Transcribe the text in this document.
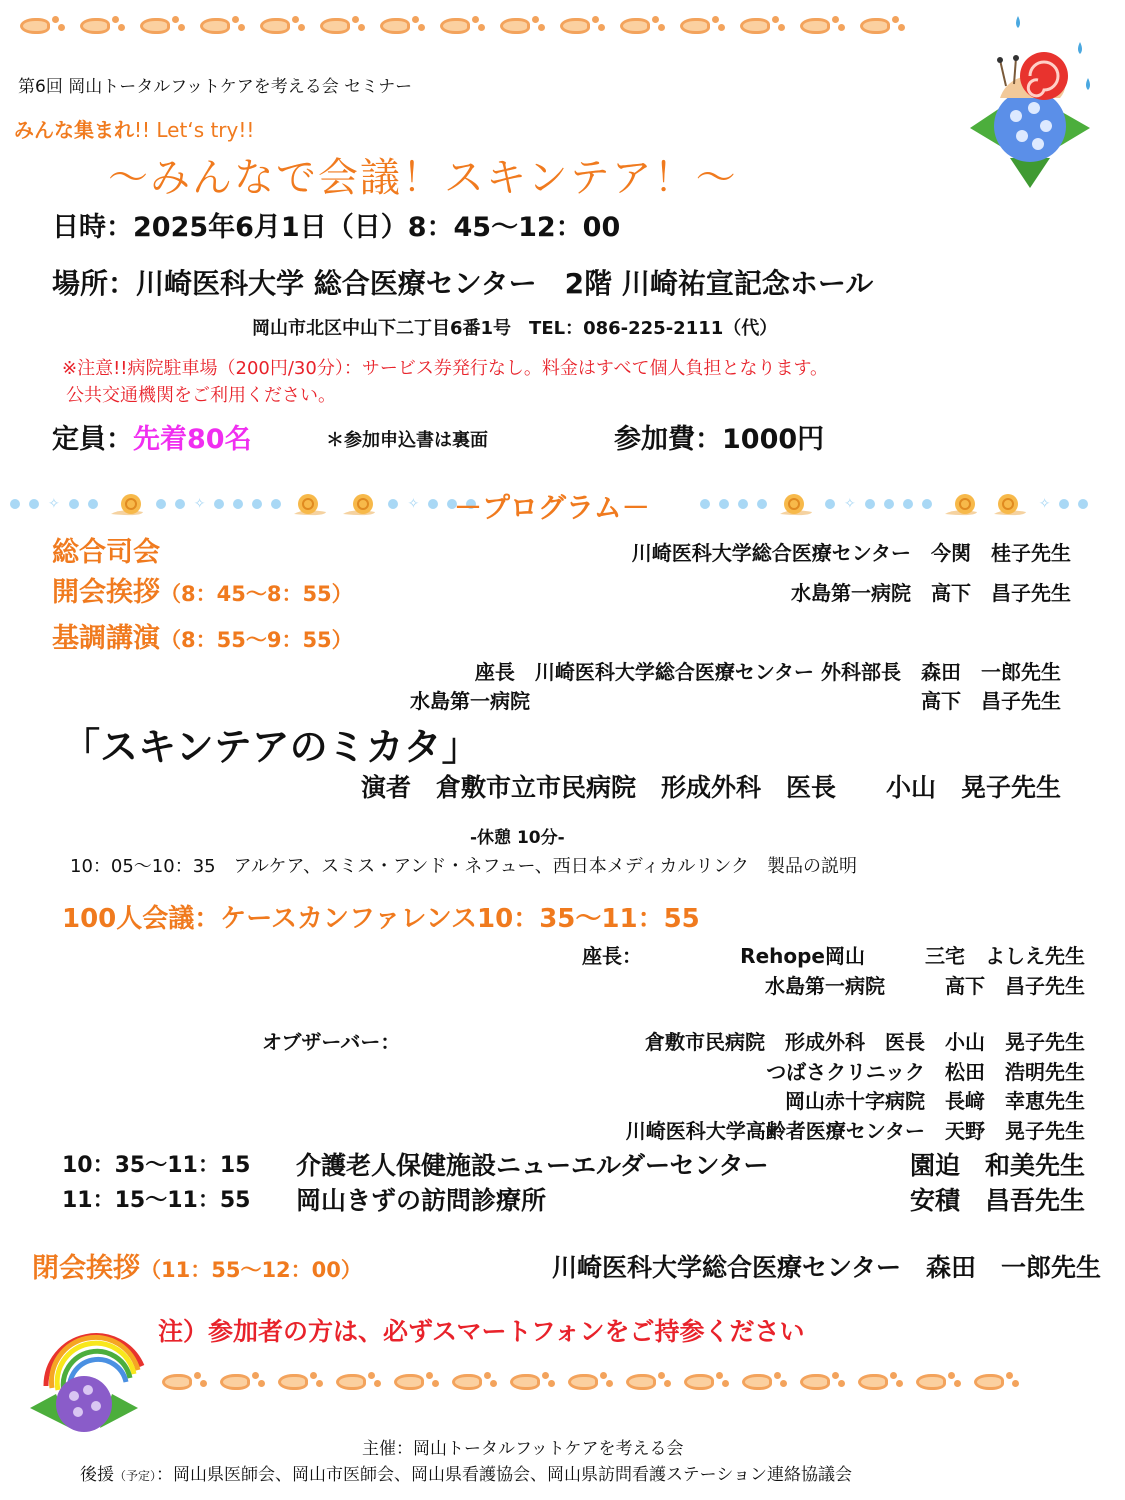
第6回 岡山トータルフットケアを考える会 セミナー
みんな集まれ!! Let‘s try!!
～みんなで会議！スキンテア！～
日時：2025年6月1日（日）8：45～12：00
場所：川崎医科大学 総合医療センター　2階 川崎祐宣記念ホール
岡山市北区中山下二丁目6番1号　TEL：086-225-2111（代）
※注意!!病院駐車場（200円/30分）：サービス券発行なし。料金はすべて個人負担となります。
公共交通機関をご利用ください。
定員：先着80名	＊参加申込書は裏面	参加費：1000円
✧	✧	✧ －プログラム－	✧	✧
総合司会	川崎医科大学総合医療センター　今関　桂子先生
開会挨拶（8：45～8：55）	水島第一病院　高下　昌子先生
基調講演（8：55～9：55）
座長　川崎医科大学総合医療センター 外科部長　森田　一郎先生
水島第一病院	高下　昌子先生
「スキンテアのミカタ」
演者　倉敷市立市民病院　形成外科　医長　　小山　晃子先生
-休憩 10分-
10：05～10：35　アルケア、スミス・アンド・ネフュー、西日本メディカルリンク　製品の説明
100人会議：ケースカンファレンス10：35～11：55
座長：	Rehope岡山　　　三宅　よしえ先生
水島第一病院　　　高下　昌子先生
オブザーバー：	倉敷市民病院　形成外科　医長　小山　晃子先生
つばさクリニック　松田　浩明先生
岡山赤十字病院　長﨑　幸恵先生
川崎医科大学高齢者医療センター　天野　晃子先生
10：35～11：15 介護老人保健施設ニューエルダーセンター	園迫　和美先生
11：15～11：55 岡山きずの訪問診療所	安積　昌吾先生
閉会挨拶（11：55～12：00）	川崎医科大学総合医療センター　森田　一郎先生
注）参加者の方は、必ずスマートフォンをご持参ください
主催：岡山トータルフットケアを考える会
後援（予定）：岡山県医師会、岡山市医師会、岡山県看護協会、岡山県訪問看護ステーション連絡協議会
